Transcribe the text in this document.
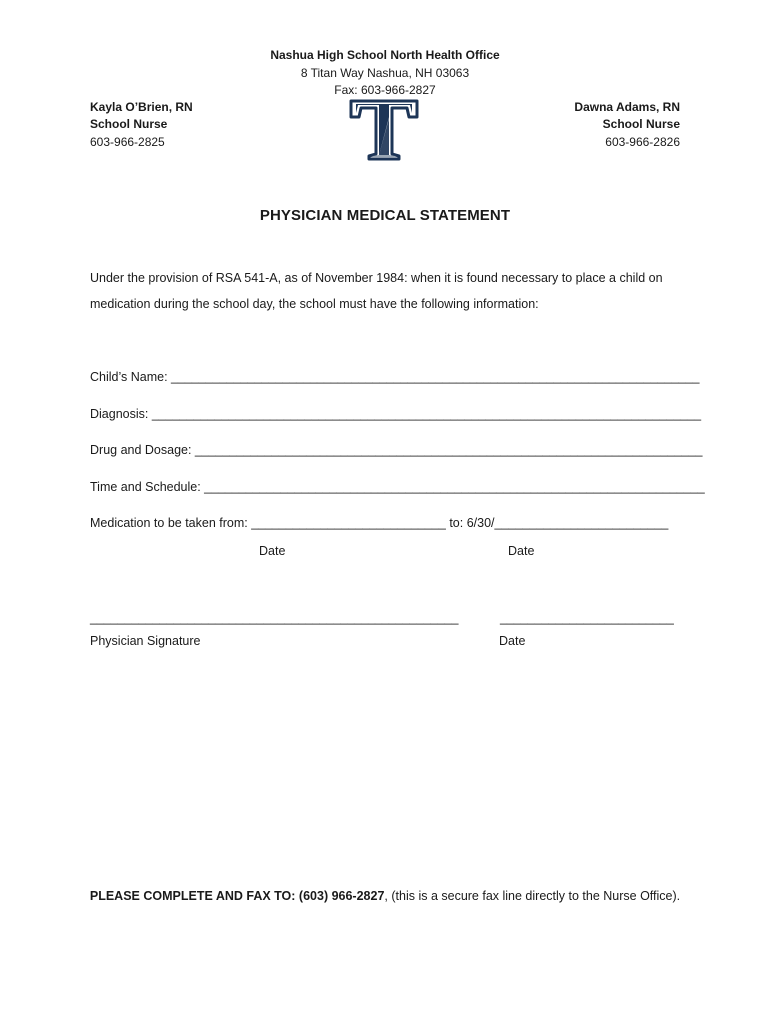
Nashua High School North Health Office
8 Titan Way Nashua, NH 03063
Fax: 603-966-2827
Kayla O’Brien, RN
School Nurse
603-966-2825
Dawna Adams, RN
School Nurse
603-966-2826
PHYSICIAN MEDICAL STATEMENT
Under the provision of RSA 541-A, as of November 1984: when it is found necessary to place a child on
medication during the school day, the school must have the following information:
Child’s Name: ____________________________________________________________________________
Diagnosis: _______________________________________________________________________________
Drug and Dosage: _________________________________________________________________________
Time and Schedule: ________________________________________________________________________
Medication to be taken from: ____________________________ to: 6/30/_________________________
Date	Date
_____________________________________________________	_________________________
Physician Signature	Date
PLEASE COMPLETE AND FAX TO: (603) 966-2827, (this is a secure fax line directly to the Nurse Office).
